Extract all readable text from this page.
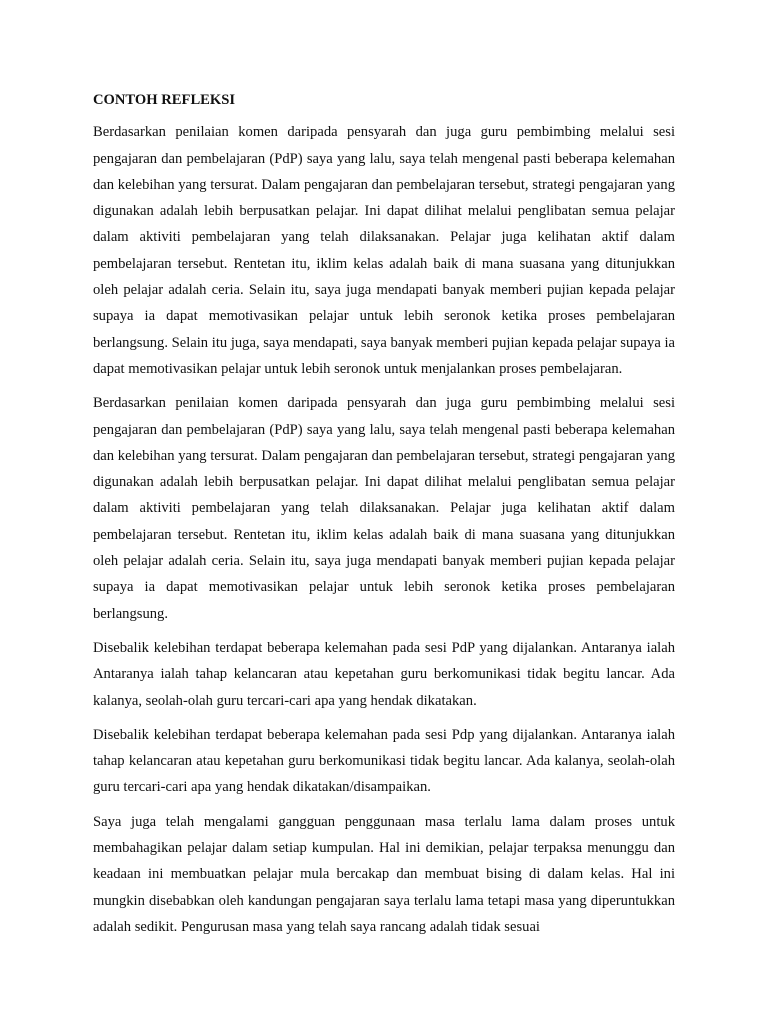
CONTOH REFLEKSI

Berdasarkan penilaian komen daripada pensyarah dan juga guru pembimbing melalui sesi pengajaran dan pembelajaran (PdP) saya yang lalu, saya telah mengenal pasti beberapa kelemahan dan kelebihan yang tersurat. Dalam pengajaran dan pembelajaran tersebut, strategi pengajaran yang digunakan adalah lebih berpusatkan pelajar. Ini dapat dilihat melalui penglibatan semua pelajar dalam aktiviti pembelajaran yang telah dilaksanakan. Pelajar juga kelihatan aktif dalam pembelajaran tersebut. Rentetan itu, iklim kelas adalah baik di mana suasana yang ditunjukkan oleh pelajar adalah ceria. Selain itu, saya juga mendapati banyak memberi pujian kepada pelajar supaya ia dapat memotivasikan pelajar untuk lebih seronok ketika proses pembelajaran berlangsung. Selain itu juga, saya mendapati, saya banyak memberi pujian kepada pelajar supaya ia dapat memotivasikan pelajar untuk lebih seronok untuk menjalankan proses pembelajaran.

Berdasarkan penilaian komen daripada pensyarah dan juga guru pembimbing melalui sesi pengajaran dan pembelajaran (PdP) saya yang lalu, saya telah mengenal pasti beberapa kelemahan dan kelebihan yang tersurat. Dalam pengajaran dan pembelajaran tersebut, strategi pengajaran yang digunakan adalah lebih berpusatkan pelajar. Ini dapat dilihat melalui penglibatan semua pelajar dalam aktiviti pembelajaran yang telah dilaksanakan. Pelajar juga kelihatan aktif dalam pembelajaran tersebut. Rentetan itu, iklim kelas adalah baik di mana suasana yang ditunjukkan oleh pelajar adalah ceria. Selain itu, saya juga mendapati banyak memberi pujian kepada pelajar supaya ia dapat memotivasikan pelajar untuk lebih seronok ketika proses pembelajaran berlangsung.

Disebalik kelebihan terdapat beberapa kelemahan pada sesi PdP yang dijalankan. Antaranya ialah Antaranya ialah tahap kelancaran atau kepetahan guru berkomunikasi tidak begitu lancar. Ada kalanya, seolah-olah guru tercari-cari apa yang hendak dikatakan.

Disebalik kelebihan terdapat beberapa kelemahan pada sesi Pdp yang dijalankan. Antaranya ialah tahap kelancaran atau kepetahan guru berkomunikasi tidak begitu lancar. Ada kalanya, seolah-olah guru tercari-cari apa yang hendak dikatakan/disampaikan.

Saya juga telah mengalami gangguan penggunaan masa terlalu lama dalam proses untuk membahagikan pelajar dalam setiap kumpulan. Hal ini demikian, pelajar terpaksa menunggu dan keadaan ini membuatkan pelajar mula bercakap dan membuat bising di dalam kelas. Hal ini mungkin disebabkan oleh kandungan pengajaran saya terlalu lama tetapi masa yang diperuntukkan adalah sedikit. Pengurusan masa yang telah saya rancang adalah tidak sesuai
